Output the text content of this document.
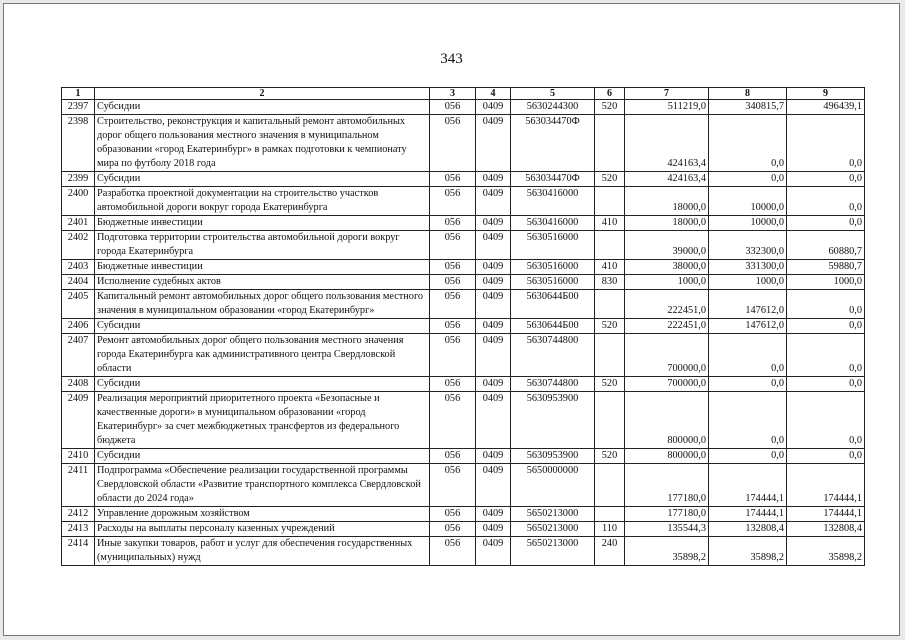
343
1	2	3	4	5	6	7	8	9
2397	Субсидии	056	0409	5630244300	520	511219,0	340815,7	496439,1
2398	Строительство, реконструкция и капитальный ремонт автомобильных дорог общего пользования местного значения в муниципальном образовании «город Екатеринбург» в рамках подготовки к чемпионату мира по футболу 2018 года	056	0409	563034470Ф		424163,4	0,0	0,0
2399	Субсидии	056	0409	563034470Ф	520	424163,4	0,0	0,0
2400	Разработка проектной документации на строительство участков автомобильной дороги вокруг города Екатеринбурга	056	0409	5630416000		18000,0	10000,0	0,0
2401	Бюджетные инвестиции	056	0409	5630416000	410	18000,0	10000,0	0,0
2402	Подготовка территории строительства автомобильной дороги вокруг города Екатеринбурга	056	0409	5630516000		39000,0	332300,0	60880,7
2403	Бюджетные инвестиции	056	0409	5630516000	410	38000,0	331300,0	59880,7
2404	Исполнение судебных актов	056	0409	5630516000	830	1000,0	1000,0	1000,0
2405	Капитальный ремонт автомобильных дорог общего пользования местного значения в муниципальном образовании «город Екатеринбург»	056	0409	5630644Б00		222451,0	147612,0	0,0
2406	Субсидии	056	0409	5630644Б00	520	222451,0	147612,0	0,0
2407	Ремонт автомобильных дорог общего пользования местного значения города Екатеринбурга как административного центра Свердловской области	056	0409	5630744800		700000,0	0,0	0,0
2408	Субсидии	056	0409	5630744800	520	700000,0	0,0	0,0
2409	Реализация мероприятий приоритетного проекта «Безопасные и качественные дороги» в муниципальном образовании «город Екатеринбург» за счет межбюджетных трансфертов из федерального бюджета	056	0409	5630953900		800000,0	0,0	0,0
2410	Субсидии	056	0409	5630953900	520	800000,0	0,0	0,0
2411	Подпрограмма «Обеспечение реализации государственной программы Свердловской области «Развитие транспортного комплекса Свердловской области до 2024 года»	056	0409	5650000000		177180,0	174444,1	174444,1
2412	Управление дорожным хозяйством	056	0409	5650213000		177180,0	174444,1	174444,1
2413	Расходы на выплаты персоналу казенных учреждений	056	0409	5650213000	110	135544,3	132808,4	132808,4
2414	Иные закупки товаров, работ и услуг для обеспечения государственных (муниципальных) нужд	056	0409	5650213000	240	35898,2	35898,2	35898,2
